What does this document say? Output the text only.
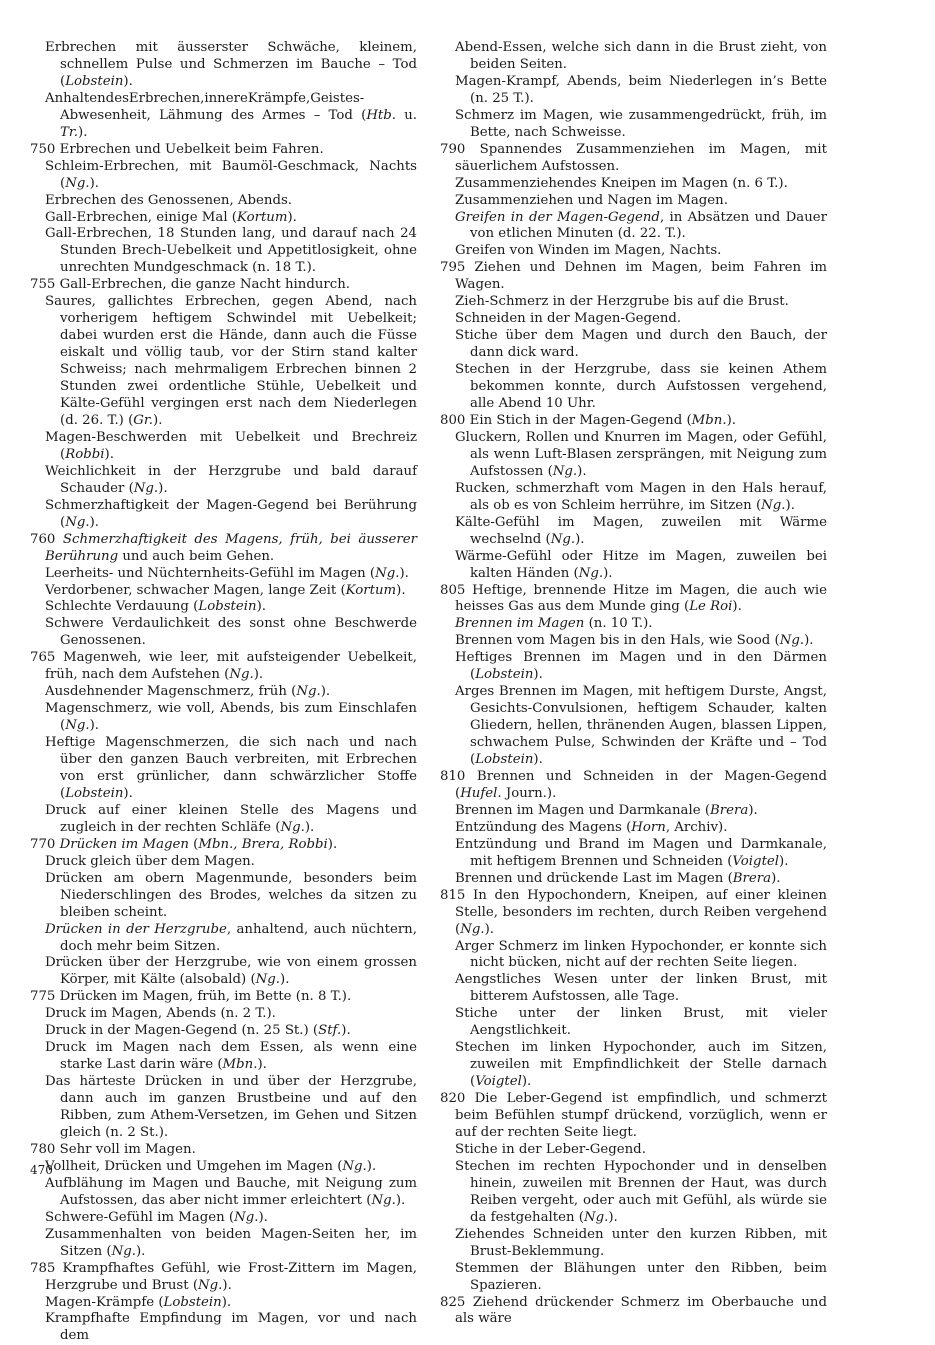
Erbrechen mit äusserster Schwäche, kleinem, schnellem Pulse und Schmerzen im Bauche – Tod (Lobstein).
AnhaltendesErbrechen,innereKrämpfe,Geistes-Abwesenheit, Lähmung des Armes – Tod (Htb. u. Tr.).
750 Erbrechen und Uebelkeit beim Fahren.
Schleim-Erbrechen, mit Baumöl-Geschmack, Nachts (Ng.).
Erbrechen des Genossenen, Abends.
Gall-Erbrechen, einige Mal (Kortum).
Gall-Erbrechen, 18 Stunden lang, und darauf nach 24 Stunden Brech-Uebelkeit und Appetitlosigkeit, ohne unrechten Mundgeschmack (n. 18 T.).
755 Gall-Erbrechen, die ganze Nacht hindurch.
Saures, gallichtes Erbrechen, gegen Abend, nach vorherigem heftigem Schwindel mit Uebelkeit; dabei wurden erst die Hände, dann auch die Füsse eiskalt und völlig taub, vor der Stirn stand kalter Schweiss; nach mehrmaligem Erbrechen binnen 2 Stunden zwei ordentliche Stühle, Uebelkeit und Kälte-Gefühl vergingen erst nach dem Niederlegen (d. 26. T.) (Gr.).
Magen-Beschwerden mit Uebelkeit und Brechreiz (Robbi).
Weichlichkeit in der Herzgrube und bald darauf Schauder (Ng.).
Schmerzhaftigkeit der Magen-Gegend bei Berührung (Ng.).
760 Schmerzhaftigkeit des Magens, früh, bei äusserer Berührung und auch beim Gehen.
Leerheits- und Nüchternheits-Gefühl im Magen (Ng.).
Verdorbener, schwacher Magen, lange Zeit (Kortum).
Schlechte Verdauung (Lobstein).
Schwere Verdaulichkeit des sonst ohne Beschwerde Genossenen.
765 Magenweh, wie leer, mit aufsteigender Uebelkeit, früh, nach dem Aufstehen (Ng.).
Ausdehnender Magenschmerz, früh (Ng.).
Magenschmerz, wie voll, Abends, bis zum Einschlafen (Ng.).
Heftige Magenschmerzen, die sich nach und nach über den ganzen Bauch verbreiten, mit Erbrechen von erst grünlicher, dann schwärzlicher Stoffe (Lobstein).
Druck auf einer kleinen Stelle des Magens und zugleich in der rechten Schläfe (Ng.).
770 Drücken im Magen (Mbn., Brera, Robbi).
Druck gleich über dem Magen.
Drücken am obern Magenmunde, besonders beim Niederschlingen des Brodes, welches da sitzen zu bleiben scheint.
Drücken in der Herzgrube, anhaltend, auch nüchtern, doch mehr beim Sitzen.
Drücken über der Herzgrube, wie von einem grossen Körper, mit Kälte (alsobald) (Ng.).
775 Drücken im Magen, früh, im Bette (n. 8 T.).
Druck im Magen, Abends (n. 2 T.).
Druck in der Magen-Gegend (n. 25 St.) (Stf.).
Druck im Magen nach dem Essen, als wenn eine starke Last darin wäre (Mbn.).
Das härteste Drücken in und über der Herzgrube, dann auch im ganzen Brustbeine und auf den Ribben, zum Athem-Versetzen, im Gehen und Sitzen gleich (n. 2 St.).
780 Sehr voll im Magen.
Vollheit, Drücken und Umgehen im Magen (Ng.).
Aufblähung im Magen und Bauche, mit Neigung zum Aufstossen, das aber nicht immer erleichtert (Ng.).
Schwere-Gefühl im Magen (Ng.).
Zusammenhalten von beiden Magen-Seiten her, im Sitzen (Ng.).
785 Krampfhaftes Gefühl, wie Frost-Zittern im Magen, Herzgrube und Brust (Ng.).
Magen-Krämpfe (Lobstein).
Krampfhafte Empfindung im Magen, vor und nach dem
Abend-Essen, welche sich dann in die Brust zieht, von beiden Seiten.
Magen-Krampf, Abends, beim Niederlegen in’s Bette (n. 25 T.).
Schmerz im Magen, wie zusammengedrückt, früh, im Bette, nach Schweisse.
790 Spannendes Zusammenziehen im Magen, mit säuerlichem Aufstossen.
Zusammenziehendes Kneipen im Magen (n. 6 T.).
Zusammenziehen und Nagen im Magen.
Greifen in der Magen-Gegend, in Absätzen und Dauer von etlichen Minuten (d. 22. T.).
Greifen von Winden im Magen, Nachts.
795 Ziehen und Dehnen im Magen, beim Fahren im Wagen.
Zieh-Schmerz in der Herzgrube bis auf die Brust.
Schneiden in der Magen-Gegend.
Stiche über dem Magen und durch den Bauch, der dann dick ward.
Stechen in der Herzgrube, dass sie keinen Athem bekommen konnte, durch Aufstossen vergehend, alle Abend 10 Uhr.
800 Ein Stich in der Magen-Gegend (Mbn.).
Gluckern, Rollen und Knurren im Magen, oder Gefühl, als wenn Luft-Blasen zersprängen, mit Neigung zum Aufstossen (Ng.).
Rucken, schmerzhaft vom Magen in den Hals herauf, als ob es von Schleim herrühre, im Sitzen (Ng.).
Kälte-Gefühl im Magen, zuweilen mit Wärme wechselnd (Ng.).
Wärme-Gefühl oder Hitze im Magen, zuweilen bei kalten Händen (Ng.).
805 Heftige, brennende Hitze im Magen, die auch wie heisses Gas aus dem Munde ging (Le Roi).
Brennen im Magen (n. 10 T.).
Brennen vom Magen bis in den Hals, wie Sood (Ng.).
Heftiges Brennen im Magen und in den Därmen (Lobstein).
Arges Brennen im Magen, mit heftigem Durste, Angst, Gesichts-Convulsionen, heftigem Schauder, kalten Gliedern, hellen, thränenden Augen, blassen Lippen, schwachem Pulse, Schwinden der Kräfte und – Tod (Lobstein).
810 Brennen und Schneiden in der Magen-Gegend (Hufel. Journ.).
Brennen im Magen und Darmkanale (Brera).
Entzündung des Magens (Horn, Archiv).
Entzündung und Brand im Magen und Darmkanale, mit heftigem Brennen und Schneiden (Voigtel).
Brennen und drückende Last im Magen (Brera).
815 In den Hypochondern, Kneipen, auf einer kleinen Stelle, besonders im rechten, durch Reiben vergehend (Ng.).
Arger Schmerz im linken Hypochonder, er konnte sich nicht bücken, nicht auf der rechten Seite liegen.
Aengstliches Wesen unter der linken Brust, mit bitterem Aufstossen, alle Tage.
Stiche unter der linken Brust, mit vieler Aengstlichkeit.
Stechen im linken Hypochonder, auch im Sitzen, zuweilen mit Empfindlichkeit der Stelle darnach (Voigtel).
820 Die Leber-Gegend ist empfindlich, und schmerzt beim Befühlen stumpf drückend, vorzüglich, wenn er auf der rechten Seite liegt.
Stiche in der Leber-Gegend.
Stechen im rechten Hypochonder und in denselben hinein, zuweilen mit Brennen der Haut, was durch Reiben vergeht, oder auch mit Gefühl, als würde sie da festgehalten (Ng.).
Ziehendes Schneiden unter den kurzen Ribben, mit Brust-Beklemmung.
Stemmen der Blähungen unter den Ribben, beim Spazieren.
825 Ziehend drückender Schmerz im Oberbauche und als wäre
470
